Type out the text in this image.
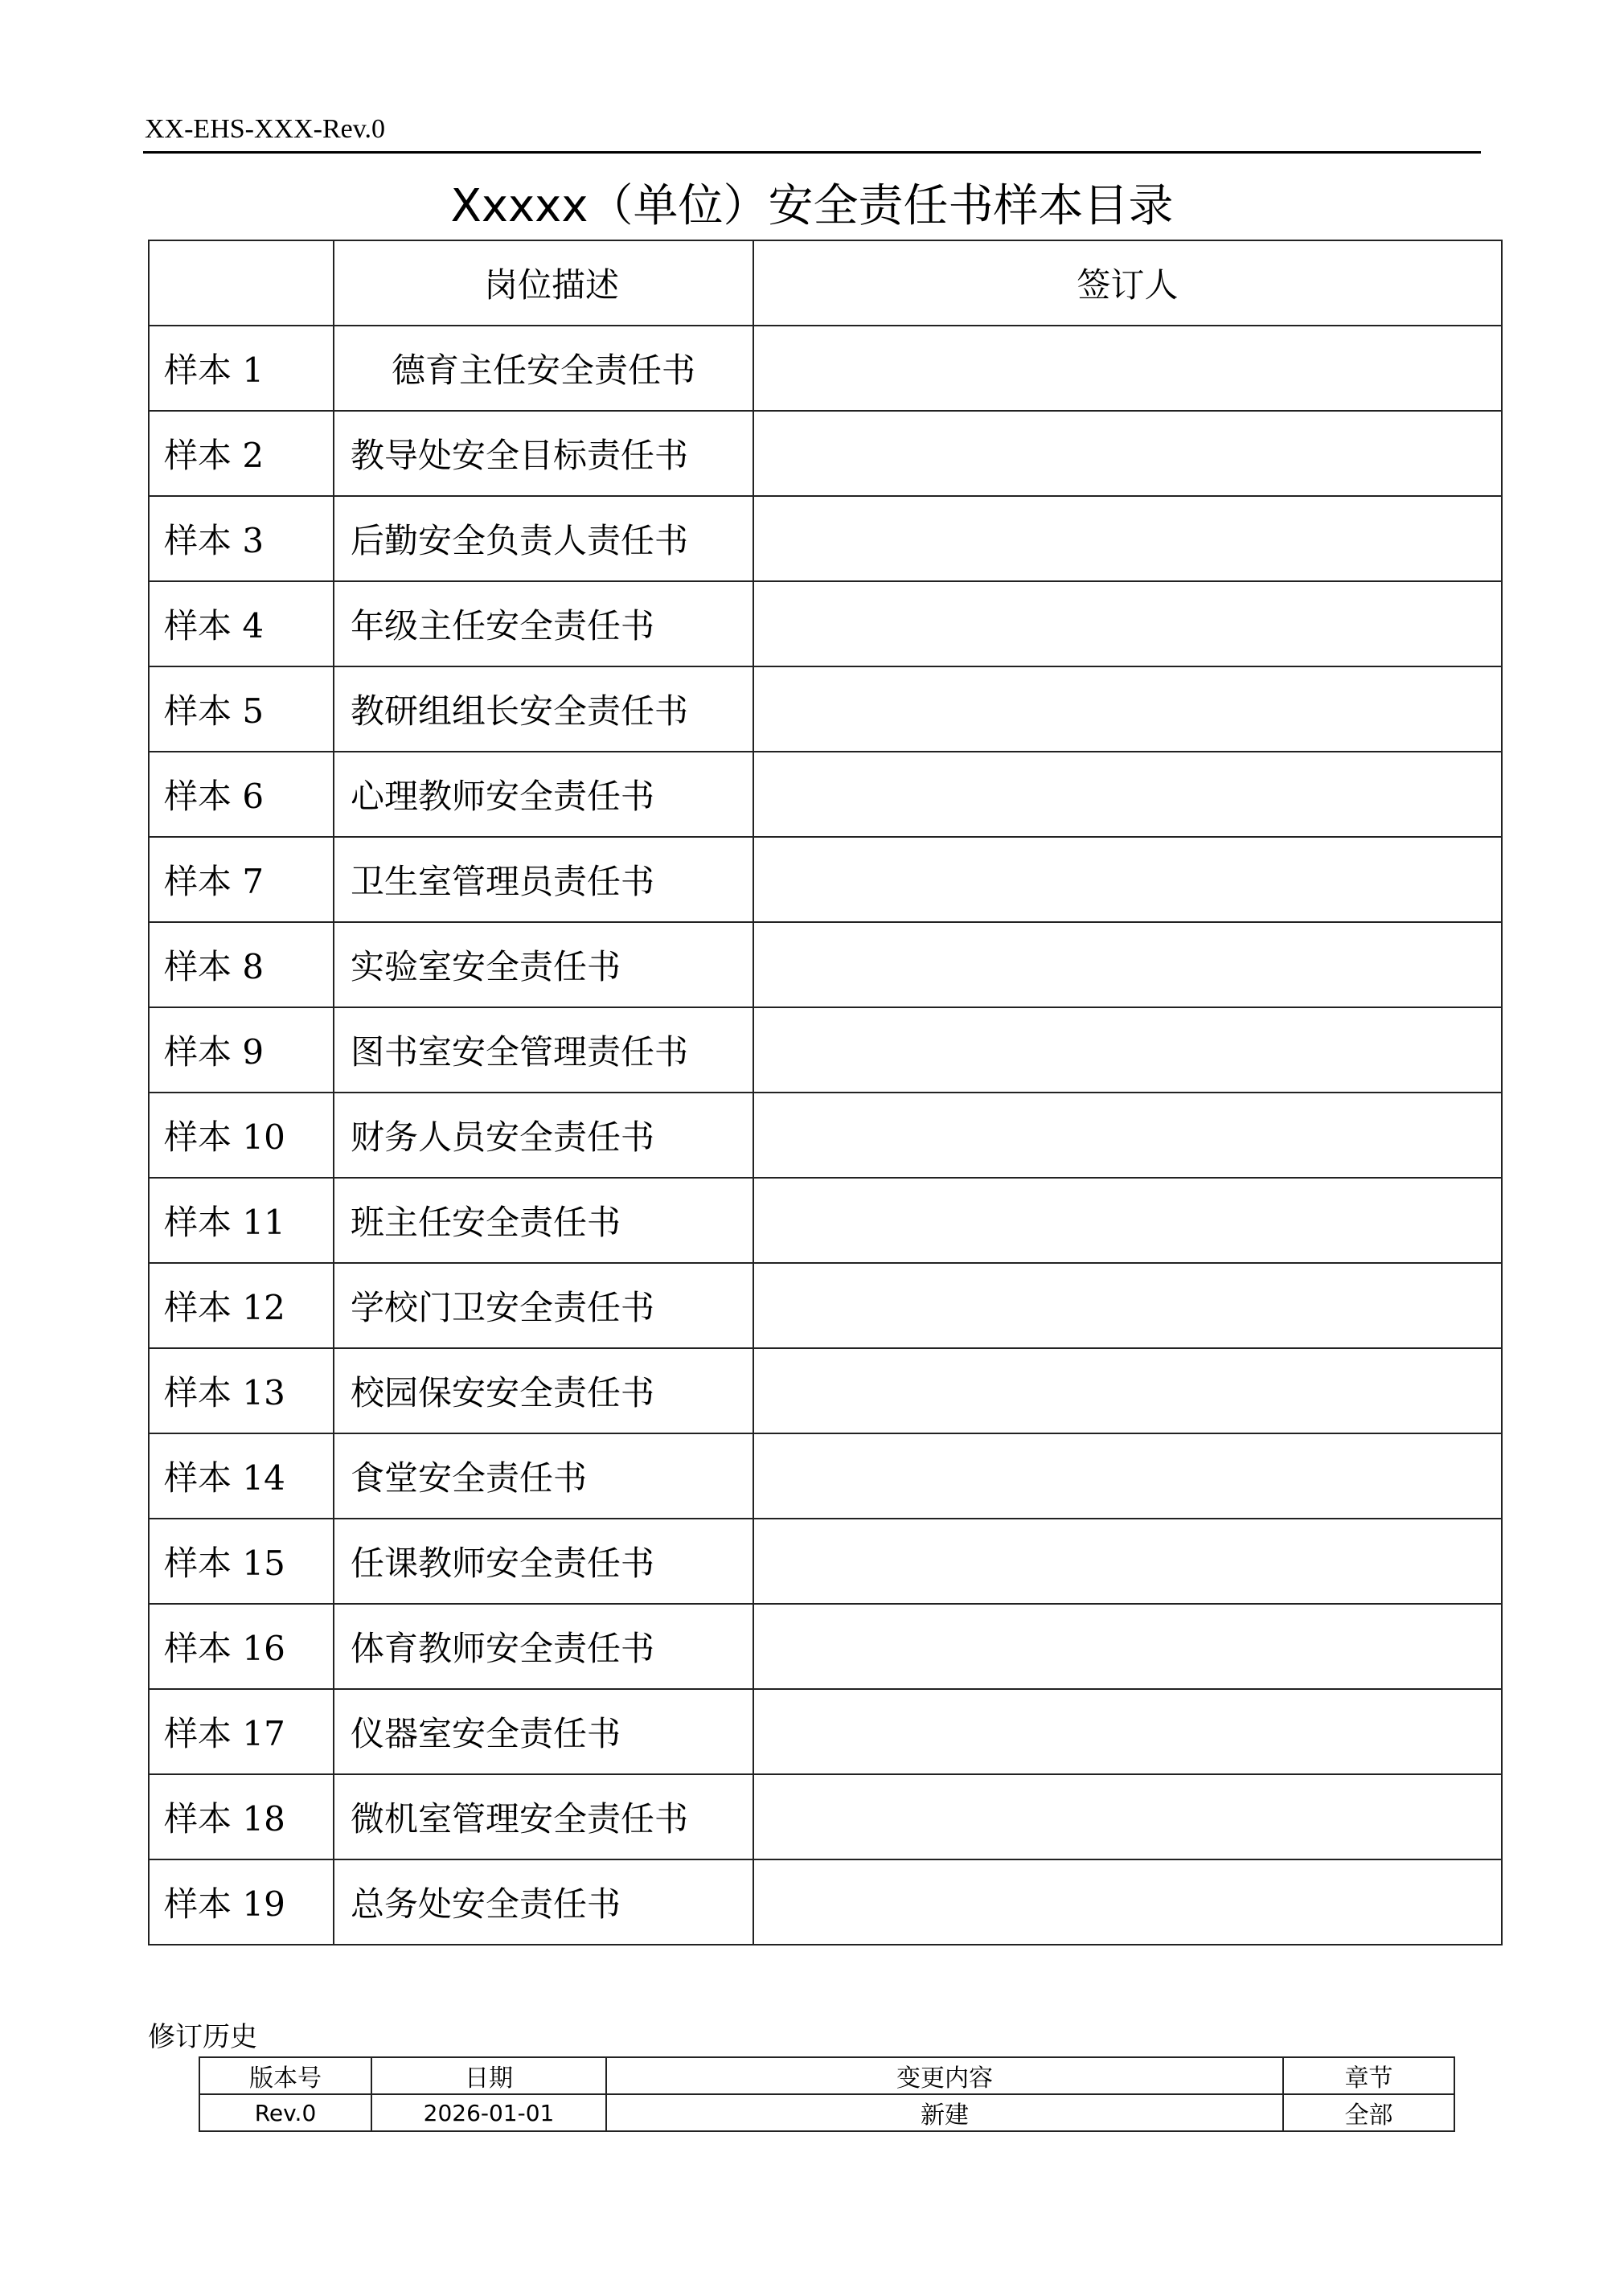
XX-EHS-XXX-Rev.0
Xxxxx（单位）安全责任书样本目录
	岗位描述	签订人
样本 1	德育主任安全责任书	
样本 2	教导处安全目标责任书	
样本 3	后勤安全负责人责任书	
样本 4	年级主任安全责任书	
样本 5	教研组组长安全责任书	
样本 6	心理教师安全责任书	
样本 7	卫生室管理员责任书	
样本 8	实验室安全责任书	
样本 9	图书室安全管理责任书	
样本 10	财务人员安全责任书	
样本 11	班主任安全责任书	
样本 12	学校门卫安全责任书	
样本 13	校园保安安全责任书	
样本 14	食堂安全责任书	
样本 15	任课教师安全责任书	
样本 16	体育教师安全责任书	
样本 17	仪器室安全责任书	
样本 18	微机室管理安全责任书	
样本 19	总务处安全责任书	
修订历史
版本号	日期	变更内容	章节
Rev.0	2026-01-01	新建	全部
